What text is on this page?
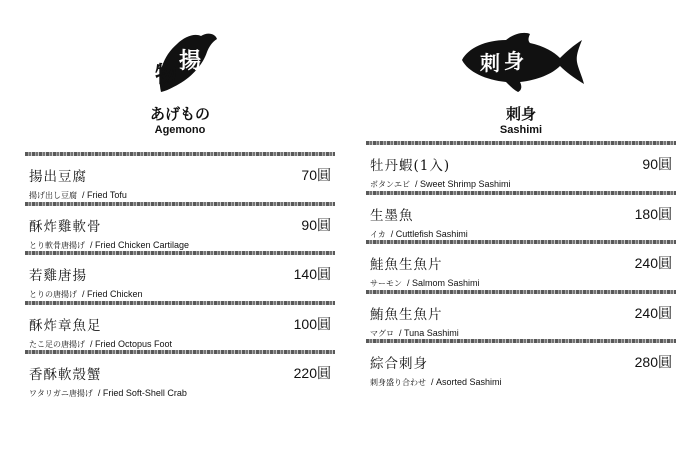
物
揚
あげもの
Agemono
揚出豆腐	70圓
揚げ出し豆腐 / Fried Tofu
酥炸雞軟骨	90圓
とり軟骨唐揚げ / Fried Chicken Cartilage
若雞唐揚	140圓
とりの唐揚げ / Fried Chicken
酥炸章魚足	100圓
たこ足の唐揚げ / Fried Octopus Foot
香酥軟殼蟹	220圓
ワタリガニ唐揚げ / Fried Soft-Shell Crab
刺 身
刺身
Sashimi
牡丹蝦(1入)	90圓
ボタンエビ / Sweet Shrimp Sashimi
生墨魚	180圓
イカ / Cuttlefish Sashimi
鮭魚生魚片	240圓
サーモン / Salmom Sashimi
鮪魚生魚片	240圓
マグロ / Tuna Sashimi
綜合刺身	280圓
刺身盛り合わせ / Asorted Sashimi
